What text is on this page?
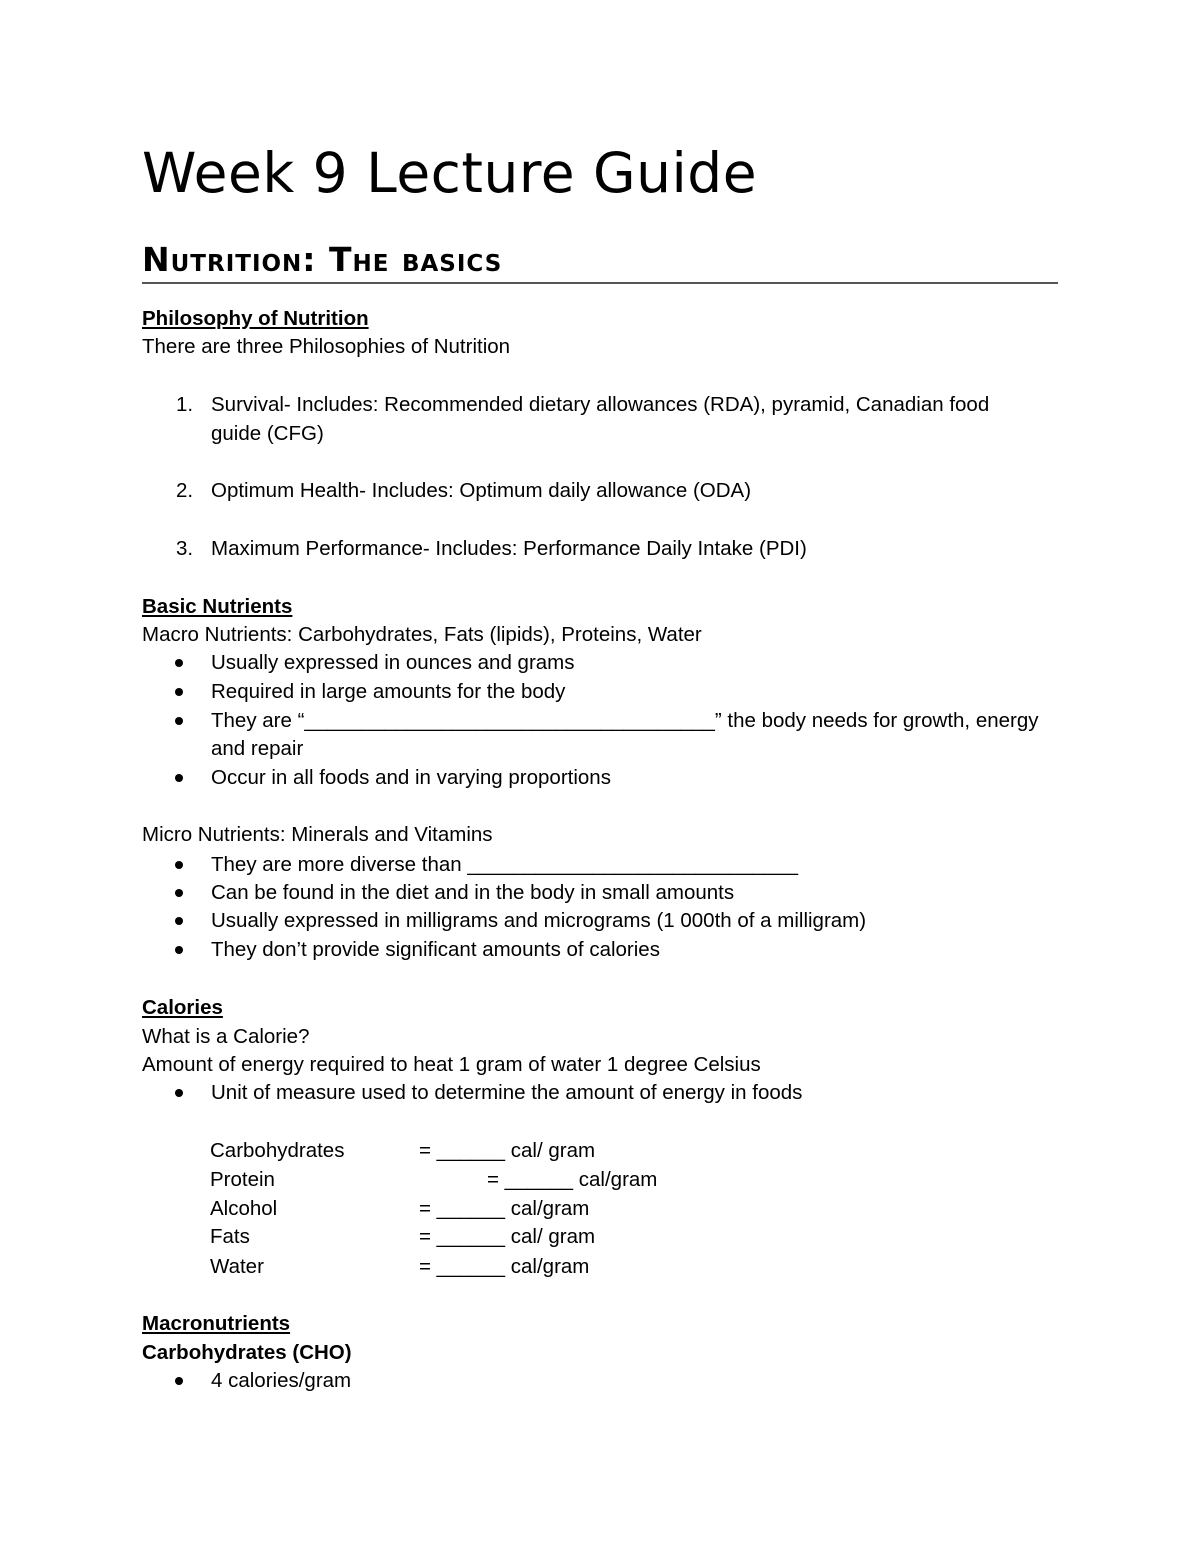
Week 9 Lecture Guide
Nutrition: The basics
Philosophy of Nutrition
There are three Philosophies of Nutrition
1. Survival- Includes: Recommended dietary allowances (RDA), pyramid, Canadian food
guide (CFG)
2. Optimum Health- Includes: Optimum daily allowance (ODA)
3. Maximum Performance- Includes: Performance Daily Intake (PDI)
Basic Nutrients
Macro Nutrients: Carbohydrates, Fats (lipids), Proteins, Water
Usually expressed in ounces and grams
Required in large amounts for the body
They are “____________________________________” the body needs for growth, energy
and repair
Occur in all foods and in varying proportions
Micro Nutrients: Minerals and Vitamins
They are more diverse than _____________________________
Can be found in the diet and in the body in small amounts
Usually expressed in milligrams and micrograms (1 000th of a milligram)
They don’t provide significant amounts of calories
Calories
What is a Calorie?
Amount of energy required to heat 1 gram of water 1 degree Celsius
Unit of measure used to determine the amount of energy in foods
Carbohydrates	= ______ cal/ gram
Protein	= ______ cal/gram
Alcohol	= ______ cal/gram
Fats	= ______ cal/ gram
Water	= ______ cal/gram
Macronutrients
Carbohydrates (CHO)
4 calories/gram
